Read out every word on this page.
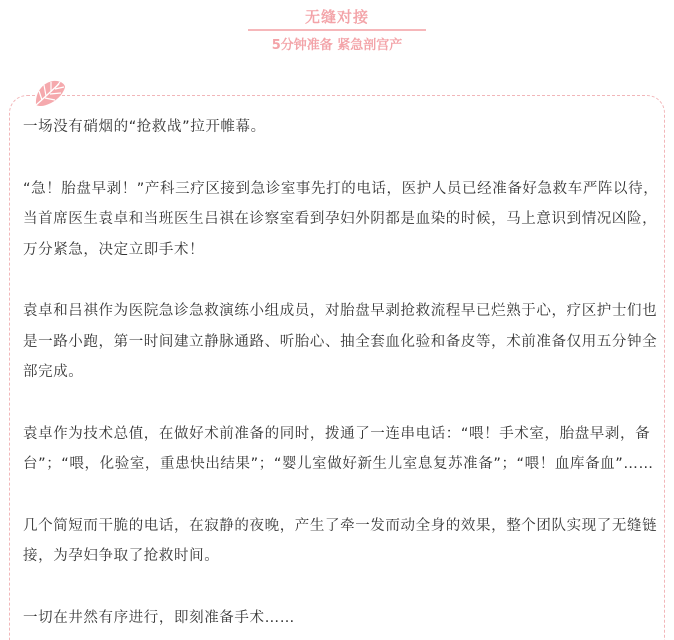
无缝对接
5分钟准备 紧急剖宫产

一场没有硝烟的“抢救战”拉开帷幕。

“急！胎盘早剥！”产科三疗区接到急诊室事先打的电话，医护人员已经准备好急救车严阵以待，当首席医生袁卓和当班医生吕祺在诊察室看到孕妇外阴都是血染的时候，马上意识到情况凶险，万分紧急，决定立即手术！

袁卓和吕祺作为医院急诊急救演练小组成员，对胎盘早剥抢救流程早已烂熟于心，疗区护士们也是一路小跑，第一时间建立静脉通路、听胎心、抽全套血化验和备皮等，术前准备仅用五分钟全部完成。

袁卓作为技术总值，在做好术前准备的同时，拨通了一连串电话：“喂！手术室，胎盘早剥，备台”；“喂，化验室，重患快出结果”；“婴儿室做好新生儿室息复苏准备”；“喂！血库备血”……

几个简短而干脆的电话，在寂静的夜晚，产生了牵一发而动全身的效果，整个团队实现了无缝链接，为孕妇争取了抢救时间。

一切在井然有序进行，即刻准备手术……
